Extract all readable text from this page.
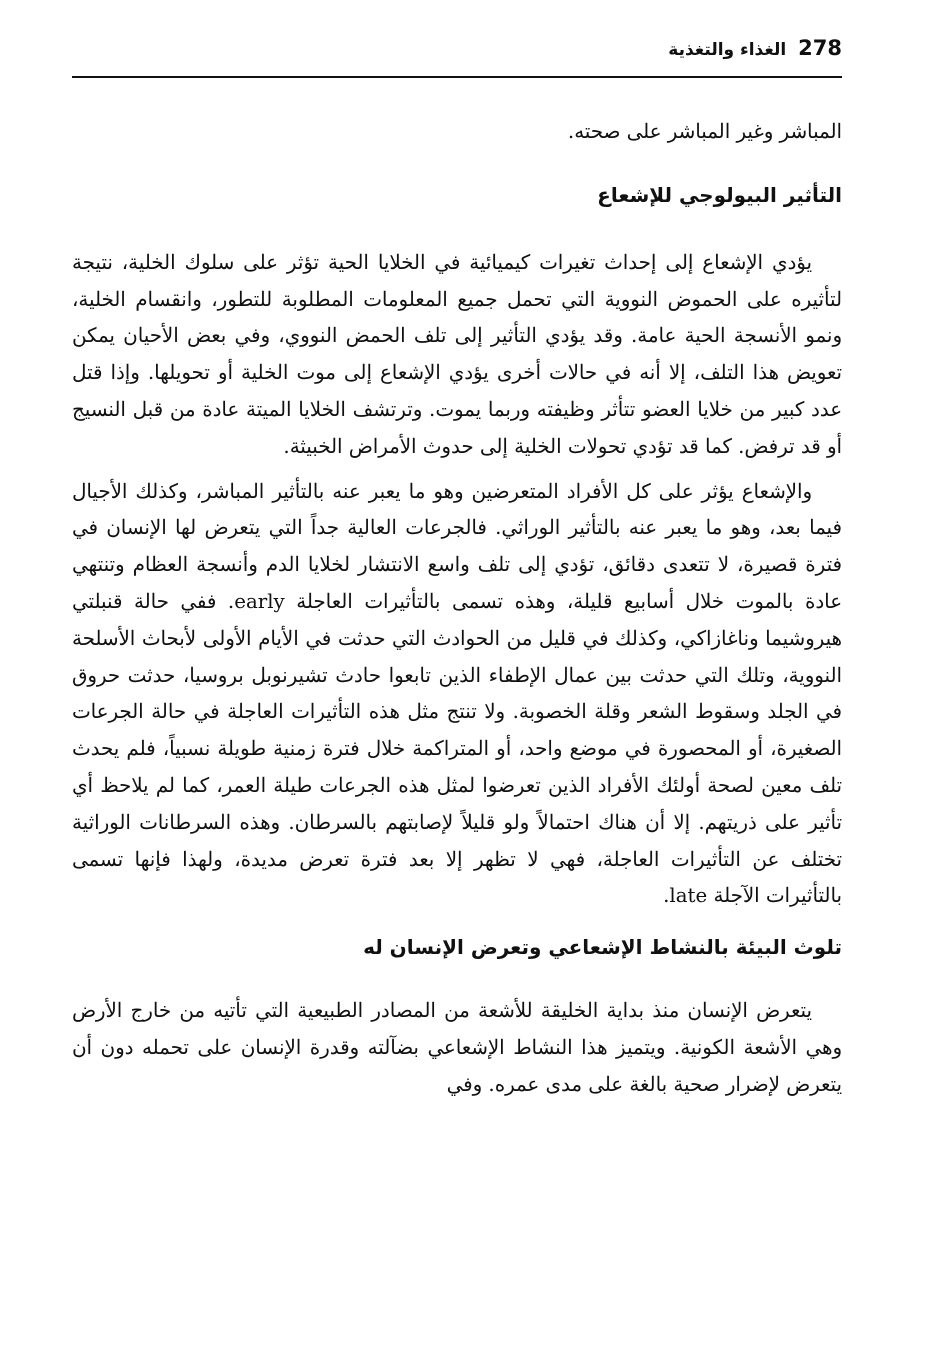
278
الغذاء والتغذية

المباشر وغير المباشر على صحته.

التأثير البيولوجي للإشعاع

يؤدي الإشعاع إلى إحداث تغيرات كيميائية في الخلايا الحية تؤثر على سلوك الخلية، نتيجة لتأثيره على الحموض النووية التي تحمل جميع المعلومات المطلوبة للتطور، وانقسام الخلية، ونمو الأنسجة الحية عامة. وقد يؤدي التأثير إلى تلف الحمض النووي، وفي بعض الأحيان يمكن تعويض هذا التلف، إلا أنه في حالات أخرى يؤدي الإشعاع إلى موت الخلية أو تحويلها. وإذا قتل عدد كبير من خلايا العضو تتأثر وظيفته وربما يموت. وترتشف الخلايا الميتة عادة من قبل النسيج أو قد ترفض. كما قد تؤدي تحولات الخلية إلى حدوث الأمراض الخبيثة.

والإشعاع يؤثر على كل الأفراد المتعرضين وهو ما يعبر عنه بالتأثير المباشر، وكذلك الأجيال فيما بعد، وهو ما يعبر عنه بالتأثير الوراثي. فالجرعات العالية جداً التي يتعرض لها الإنسان في فترة قصيرة، لا تتعدى دقائق، تؤدي إلى تلف واسع الانتشار لخلايا الدم وأنسجة العظام وتنتهي عادة بالموت خلال أسابيع قليلة، وهذه تسمى بالتأثيرات العاجلة early. ففي حالة قنبلتي هيروشيما وناغازاكي، وكذلك في قليل من الحوادث التي حدثت في الأيام الأولى لأبحاث الأسلحة النووية، وتلك التي حدثت بين عمال الإطفاء الذين تابعوا حادث تشيرنوبل بروسيا، حدثت حروق في الجلد وسقوط الشعر وقلة الخصوبة. ولا تنتج مثل هذه التأثيرات العاجلة في حالة الجرعات الصغيرة، أو المحصورة في موضع واحد، أو المتراكمة خلال فترة زمنية طويلة نسبياً، فلم يحدث تلف معين لصحة أولئك الأفراد الذين تعرضوا لمثل هذه الجرعات طيلة العمر، كما لم يلاحظ أي تأثير على ذريتهم. إلا أن هناك احتمالاً ولو قليلاً لإصابتهم بالسرطان. وهذه السرطانات الوراثية تختلف عن التأثيرات العاجلة، فهي لا تظهر إلا بعد فترة تعرض مديدة، ولهذا فإنها تسمى بالتأثيرات الآجلة late.

تلوث البيئة بالنشاط الإشعاعي وتعرض الإنسان له

يتعرض الإنسان منذ بداية الخليقة للأشعة من المصادر الطبيعية التي تأتيه من خارج الأرض وهي الأشعة الكونية. ويتميز هذا النشاط الإشعاعي بضآلته وقدرة الإنسان على تحمله دون أن يتعرض لإضرار صحية بالغة على مدى عمره. وفي
